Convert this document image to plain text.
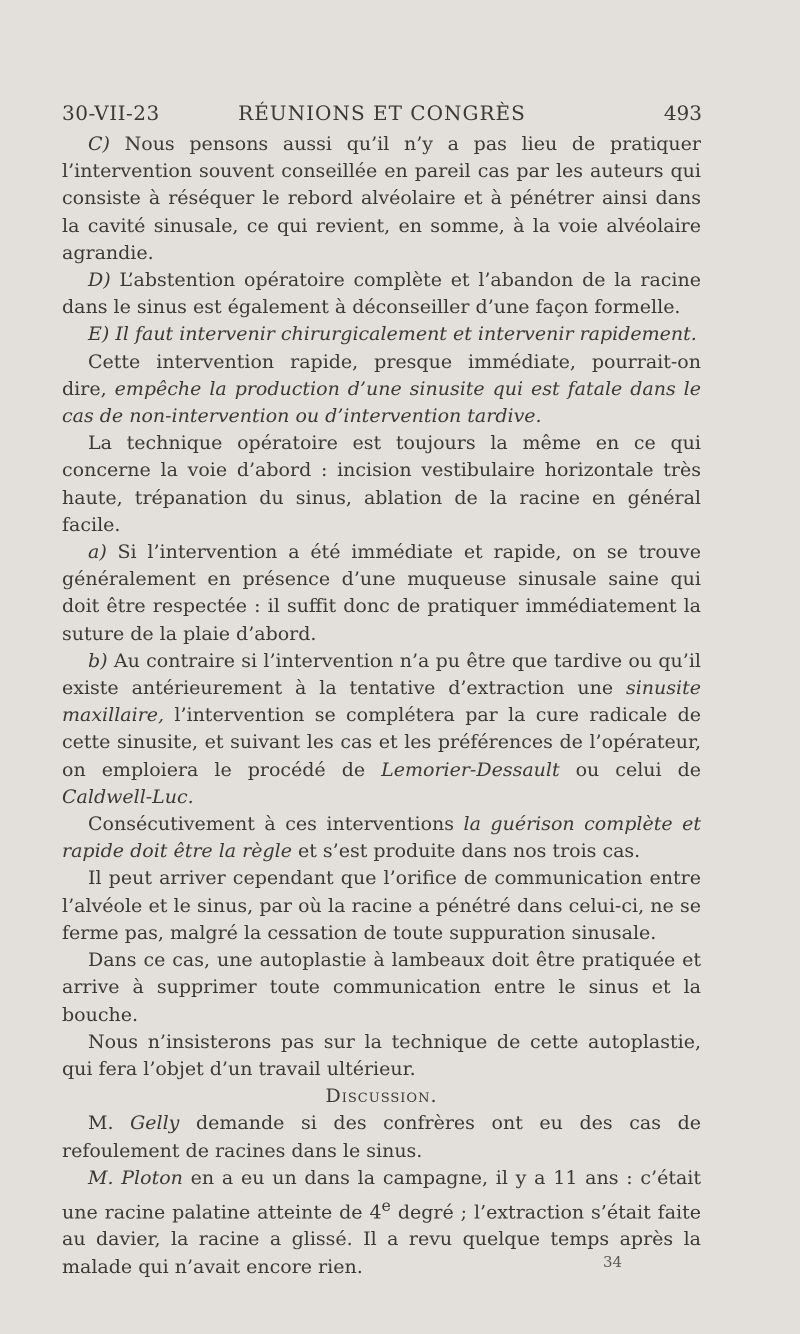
30-VII-23	RÉUNIONS ET CONGRÈS	493

C) Nous pensons aussi qu’il n’y a pas lieu de pratiquer l’intervention souvent conseillée en pareil cas par les auteurs qui consiste à réséquer le rebord alvéolaire et à pénétrer ainsi dans la cavité sinusale, ce qui revient, en somme, à la voie alvéolaire agrandie.

D) L’abstention opératoire complète et l’abandon de la racine dans le sinus est également à déconseiller d’une façon formelle.

E) Il faut intervenir chirurgicalement et intervenir rapidement.

Cette intervention rapide, presque immédiate, pourrait-on dire, empêche la production d’une sinusite qui est fatale dans le cas de non-intervention ou d’intervention tardive.

La technique opératoire est toujours la même en ce qui concerne la voie d’abord : incision vestibulaire horizontale très haute, trépanation du sinus, ablation de la racine en général facile.

a) Si l’intervention a été immédiate et rapide, on se trouve généralement en présence d’une muqueuse sinusale saine qui doit être respectée : il suffit donc de pratiquer immédiatement la suture de la plaie d’abord.

b) Au contraire si l’intervention n’a pu être que tardive ou qu’il existe antérieurement à la tentative d’extraction une sinusite maxillaire, l’intervention se complétera par la cure radicale de cette sinusite, et suivant les cas et les préférences de l’opérateur, on emploiera le procédé de Lemorier-Dessault ou celui de Caldwell-Luc.

Consécutivement à ces interventions la guérison complète et rapide doit être la règle et s’est produite dans nos trois cas.

Il peut arriver cependant que l’orifice de communication entre l’alvéole et le sinus, par où la racine a pénétré dans celui-ci, ne se ferme pas, malgré la cessation de toute suppuration sinusale.

Dans ce cas, une autoplastie à lambeaux doit être pratiquée et arrive à supprimer toute communication entre le sinus et la bouche.

Nous n’insisterons pas sur la technique de cette autoplastie, qui fera l’objet d’un travail ultérieur.

Discussion.

M. Gelly demande si des confrères ont eu des cas de refoulement de racines dans le sinus.

M. Ploton en a eu un dans la campagne, il y a 11 ans : c’était une racine palatine atteinte de 4e degré ; l’extraction s’était faite au davier, la racine a glissé. Il a revu quelque temps après la malade qui n’avait encore rien.	34
